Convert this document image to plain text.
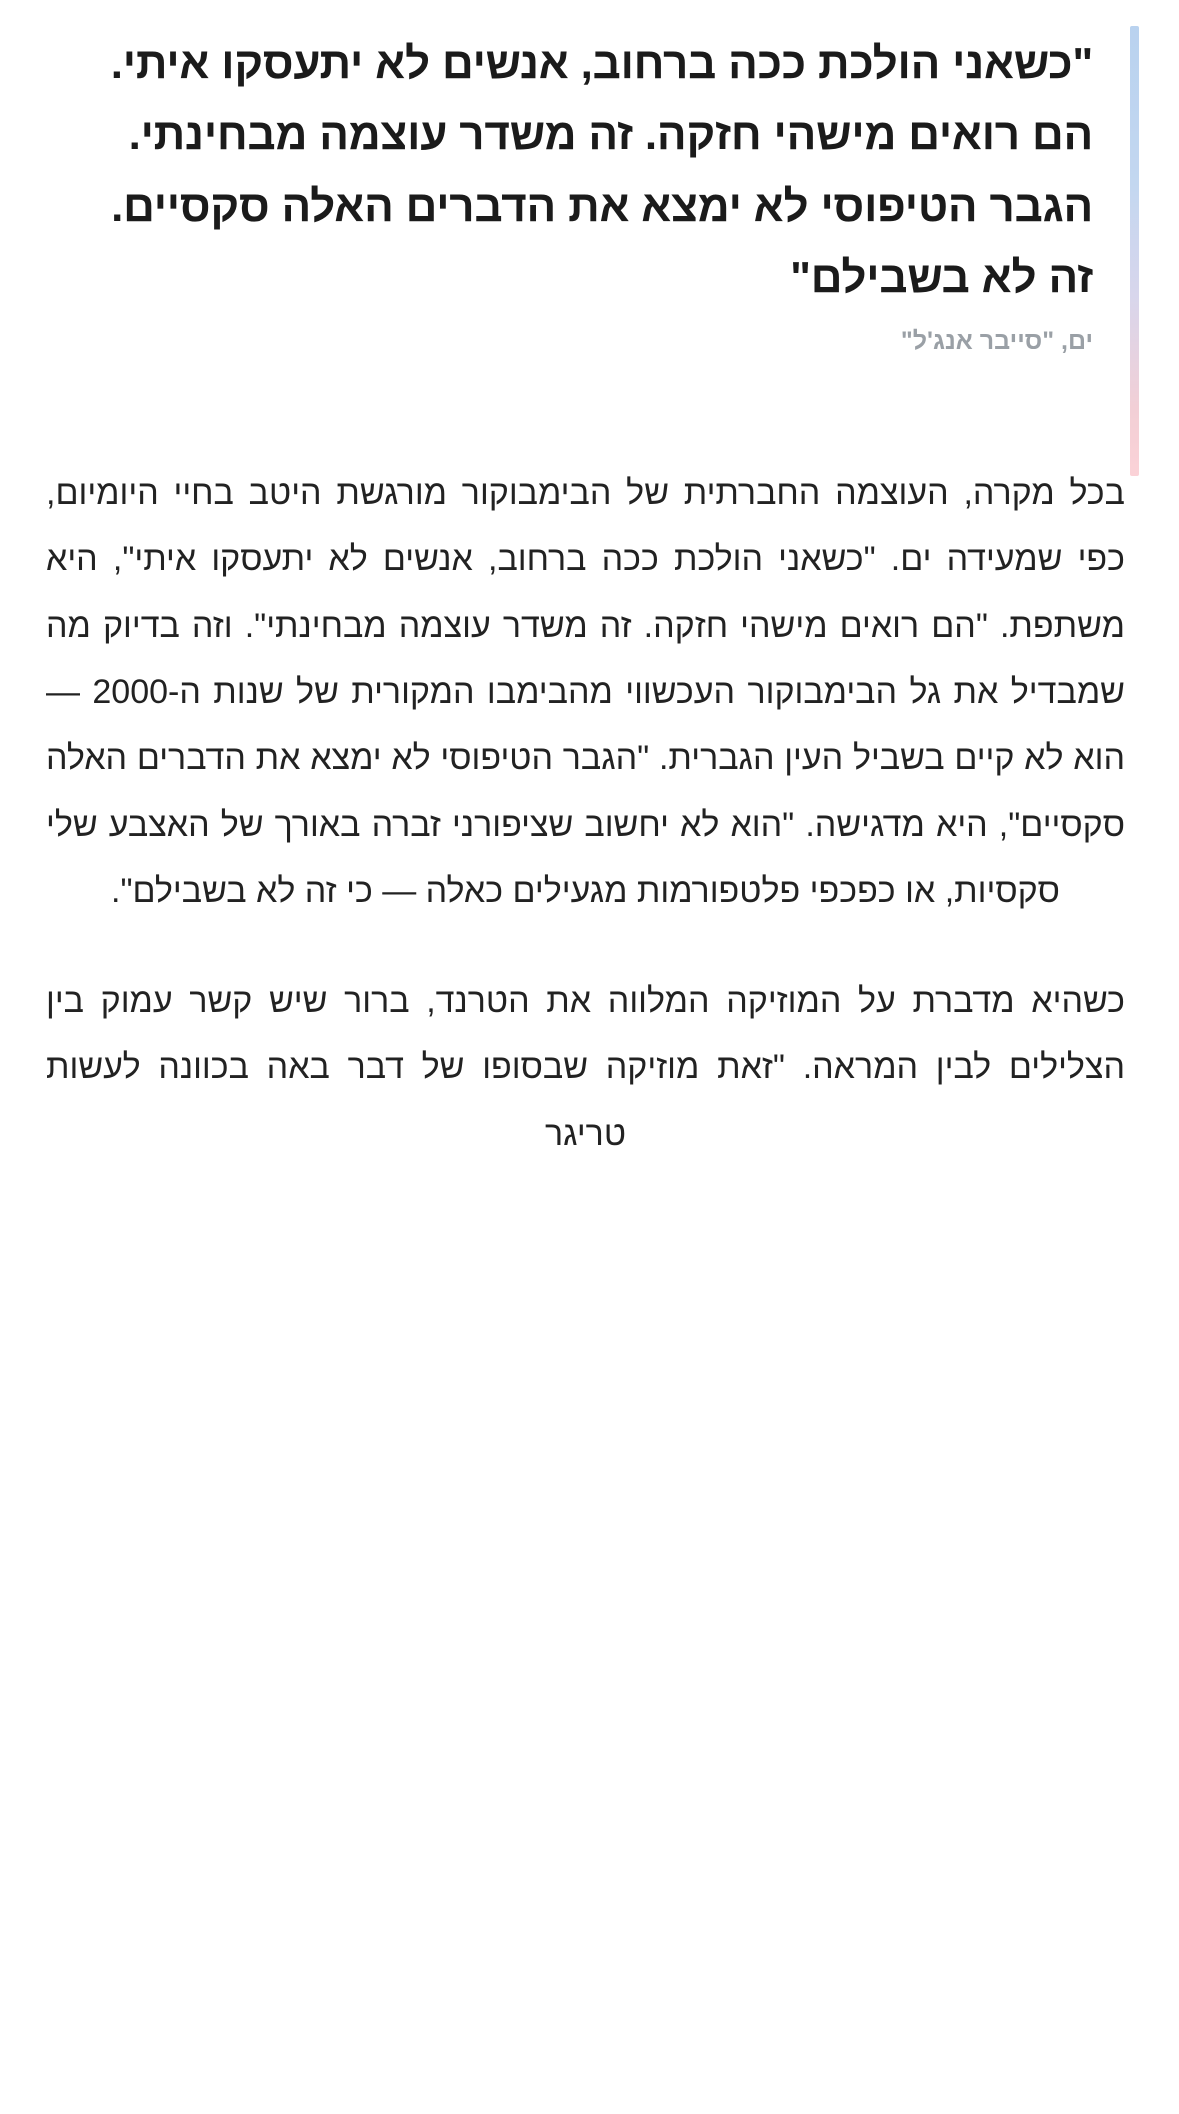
"כשאני הולכת ככה ברחוב, אנשים לא יתעסקו איתי. הם רואים מישהי חזקה. זה משדר עוצמה מבחינתי. הגבר הטיפוסי לא ימצא את הדברים האלה סקסיים. זה לא בשבילם"
ים, "סייבר אנג'ל"

בכל מקרה, העוצמה החברתית של הבימבוקור מורגשת היטב בחיי היומיום, כפי שמעידה ים. "כשאני הולכת ככה ברחוב, אנשים לא יתעסקו איתי", היא משתפת. "הם רואים מישהי חזקה. זה משדר עוצמה מבחינתי". וזה בדיוק מה שמבדיל את גל הבימבוקור העכשווי מהבימבו המקורית של שנות ה-2000 — הוא לא קיים בשביל העין הגברית. "הגבר הטיפוסי לא ימצא את הדברים האלה סקסיים", היא מדגישה. "הוא לא יחשוב שציפורני זברה באורך של האצבע שלי סקסיות, או כפכפי פלטפורמות מגעילים כאלה — כי זה לא בשבילם".

כשהיא מדברת על המוזיקה המלווה את הטרנד, ברור שיש קשר עמוק בין הצלילים לבין המראה. "זאת מוזיקה שבסופו של דבר באה בכוונה לעשות טריגר
